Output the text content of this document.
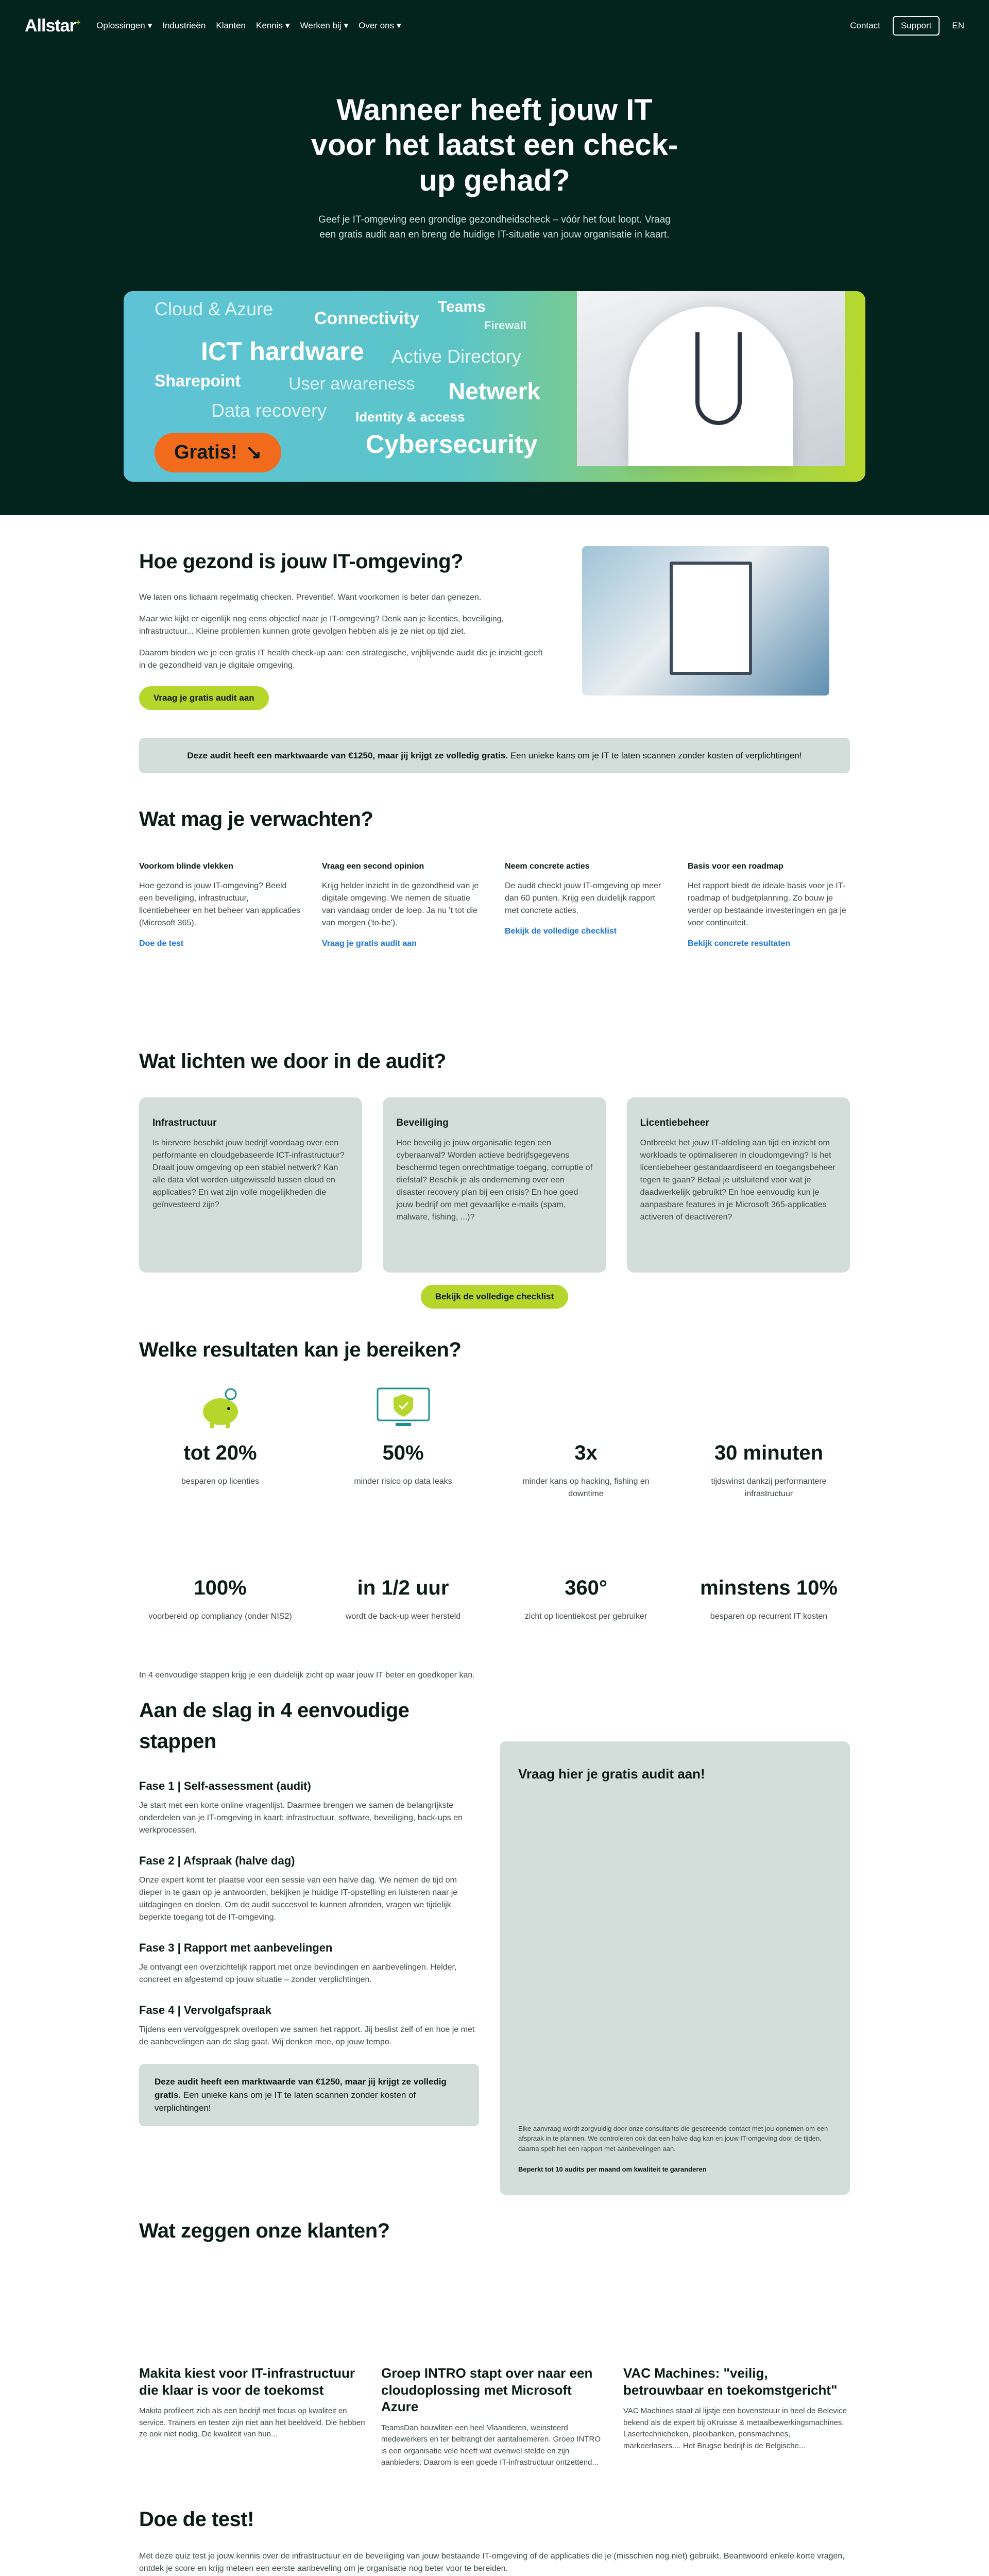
Allstar+ Oplossingen ▾ Industrieën Klanten Kennis ▾ Werken bij ▾ Over ons ▾	Contact	Support	EN
Wanneer heeft jouw IT voor het laatst een check-up gehad?

Geef je IT-omgeving een grondige gezondheidscheck – vóór het fout loopt. Vraag een gratis audit aan en breng de huidige IT-situatie van jouw organisatie in kaart.

Cloud & Azure Connectivity
Teams
Firewall
ICT hardware Active Directory
Sharepoint	User awareness Netwerk
Data recovery Identity & access
Cybersecurity
Gratis! ↘
Hoe gezond is jouw IT-omgeving?

We laten ons lichaam regelmatig checken. Preventief. Want voorkomen is beter dan genezen.

Maar wie kijkt er eigenlijk nog eens objectief naar je IT-omgeving? Denk aan je licenties, beveiliging, infrastructuur... Kleine problemen kunnen grote gevolgen hebben als je ze niet op tijd ziet.

Daarom bieden we je een gratis IT health check-up aan: een strategische, vrijblijvende audit die je inzicht geeft in de gezondheid van je digitale omgeving.

Vraag je gratis audit aan
Deze audit heeft een marktwaarde van €1250, maar jij krijgt ze volledig gratis. Een unieke kans om je IT te laten scannen zonder kosten of verplichtingen!
Wat mag je verwachten?
Voorkom blinde vlekken

Hoe gezond is jouw IT-omgeving? Beeld een beveiliging, infrastructuur, licentiebeheer en het beheer van applicaties (Microsoft 365).

Doe de test
Vraag een second opinion

Krijg helder inzicht in de gezondheid van je digitale omgeving. We nemen de situatie van vandaag onder de loep. Ja nu 't tot die van morgen ('to-be').

Vraag je gratis audit aan
Neem concrete acties

De audit checkt jouw IT-omgeving op meer dan 60 punten. Krijg een duidelijk rapport met concrete acties.

Bekijk de volledige checklist
Basis voor een roadmap

Het rapport biedt de ideale basis voor je IT-roadmap of budgetplanning. Zo bouw je verder op bestaande investeringen en ga je voor continuïteit.

Bekijk concrete resultaten
Wat lichten we door in de audit?
Infrastructuur

Is hiervere beschikt jouw bedrijf voordaag over een performante en cloudgebaseerde ICT-infrastructuur? Draait jouw omgeving op een stabiel netwerk? Kan alle data vlot worden uitgewisseld tussen cloud en applicaties? En wat zijn volle mogelijkheden die geïnvesteerd zijn?

Beveiliging

Hoe beveilig je jouw organisatie tegen een cyberaanval? Worden actieve bedrijfsgegevens beschermd tegen onrechtmatige toegang, corruptie of diefstal? Beschik je als onderneming over een disaster recovery plan bij een crisis? En hoe goed jouw bedrijf om met gevaarlijke e-mails (spam, malware, fishing, ...)?

Licentiebeheer

Ontbreekt het jouw IT-afdeling aan tijd en inzicht om workloads te optimaliseren in cloudomgeving? Is het licentiebeheer gestandaardiseerd en toegangsbeheer tegen te gaan? Betaal je uitsluitend voor wat je daadwerkelijk gebruikt? En hoe eenvoudig kun je aanpasbare features in je Microsoft 365-applicaties activeren of deactiveren?

Bekijk de volledige checklist
Welke resultaten kan je bereiken?
tot 20%

besparen op licenties

50%

minder risico op data leaks

3x

minder kans op hacking, fishing en downtime

30 minuten

tijdswinst dankzij performantere infrastructuur

100%

voorbereid op compliancy (onder NIS2)

in 1/2 uur

wordt de back-up weer hersteld

360°

zicht op licentiekost per gebruiker

minstens 10%

besparen op recurrent IT kosten

In 4 eenvoudige stappen krijg je een duidelijk zicht op waar jouw IT beter en goedkoper kan.

Aan de slag in 4 eenvoudige stappen
Fase 1 | Self-assessment (audit)

Je start met een korte online vragenlijst. Daarmee brengen we samen de belangrijkste onderdelen van je IT-omgeving in kaart: infrastructuur, software, beveiliging, back-ups en werkprocessen.

Fase 2 | Afspraak (halve dag)

Onze expert komt ter plaatse voor een sessie van een halve dag. We nemen de tijd om dieper in te gaan op je antwoorden, bekijken je huidige IT-opstelling en luisteren naar je uitdagingen en doelen. Om de audit succesvol te kunnen afronden, vragen we tijdelijk beperkte toegang tot de IT-omgeving.

Fase 3 | Rapport met aanbevelingen

Je ontvangt een overzichtelijk rapport met onze bevindingen en aanbevelingen. Helder, concreet en afgestemd op jouw situatie – zonder verplichtingen.

Fase 4 | Vervolgafspraak

Tijdens een vervolggesprek overlopen we samen het rapport. Jij beslist zelf of en hoe je met de aanbevelingen aan de slag gaat. Wij denken mee, op jouw tempo.

Deze audit heeft een marktwaarde van €1250, maar jij krijgt ze volledig gratis. Een unieke kans om je IT te laten scannen zonder kosten of verplichtingen!
Vraag hier je gratis audit aan!

Elke aanvraag wordt zorgvuldig door onze consultants die gescreende contact met jou opnemen om een afspraak in te plannen. We controleren ook dat een halve dag kan en jouw IT-omgeving door de tijden, daarna spelt het een rapport met aanbevelingen aan.

Beperkt tot 10 audits per maand om kwaliteit te garanderen

Wat zeggen onze klanten?
Makita kiest voor IT-infrastructuur die klaar is voor de toekomst

Makita profileert zich als een bedrijf met focus op kwaliteit en service. Trainers en testen zijn niet aan het beeldveld. Die hebben ze ook niet nodig. De kwaliteit van hun...

Groep INTRO stapt over naar een cloudoplossing met Microsoft Azure

TeamsDan bouwliten een heel Vlaanderen, weinsteerd medewerkers en ter beltrangt der aantalnemeren. Groep INTRO is een organisatie vele heeft wat evenwel stelde en zijn aanbieders. Daarom is een goede IT-infrastructuur ontzettend...

VAC Machines: "veilig, betrouwbaar en toekomstgericht"

VAC Machines staat al lijstje een bovensteuur in heel de Belevice bekend als de expert bij oKruisse & metaalbewerkingsmachines. Lasertechnicheken, plooibanken, ponsmachines, markeerlasers.... Het Brugse bedrijf is de Belgische...

Doe de test!

Met deze quiz test je jouw kennis over de infrastructuur en de beveiliging van jouw bestaande IT-omgeving of de applicaties die je (misschien nog niet) gebruikt. Beantwoord enkele korte vragen, ontdek je score en krijg meteen een eerste aanbeveling om je organisatie nog beter voor te bereiden.
